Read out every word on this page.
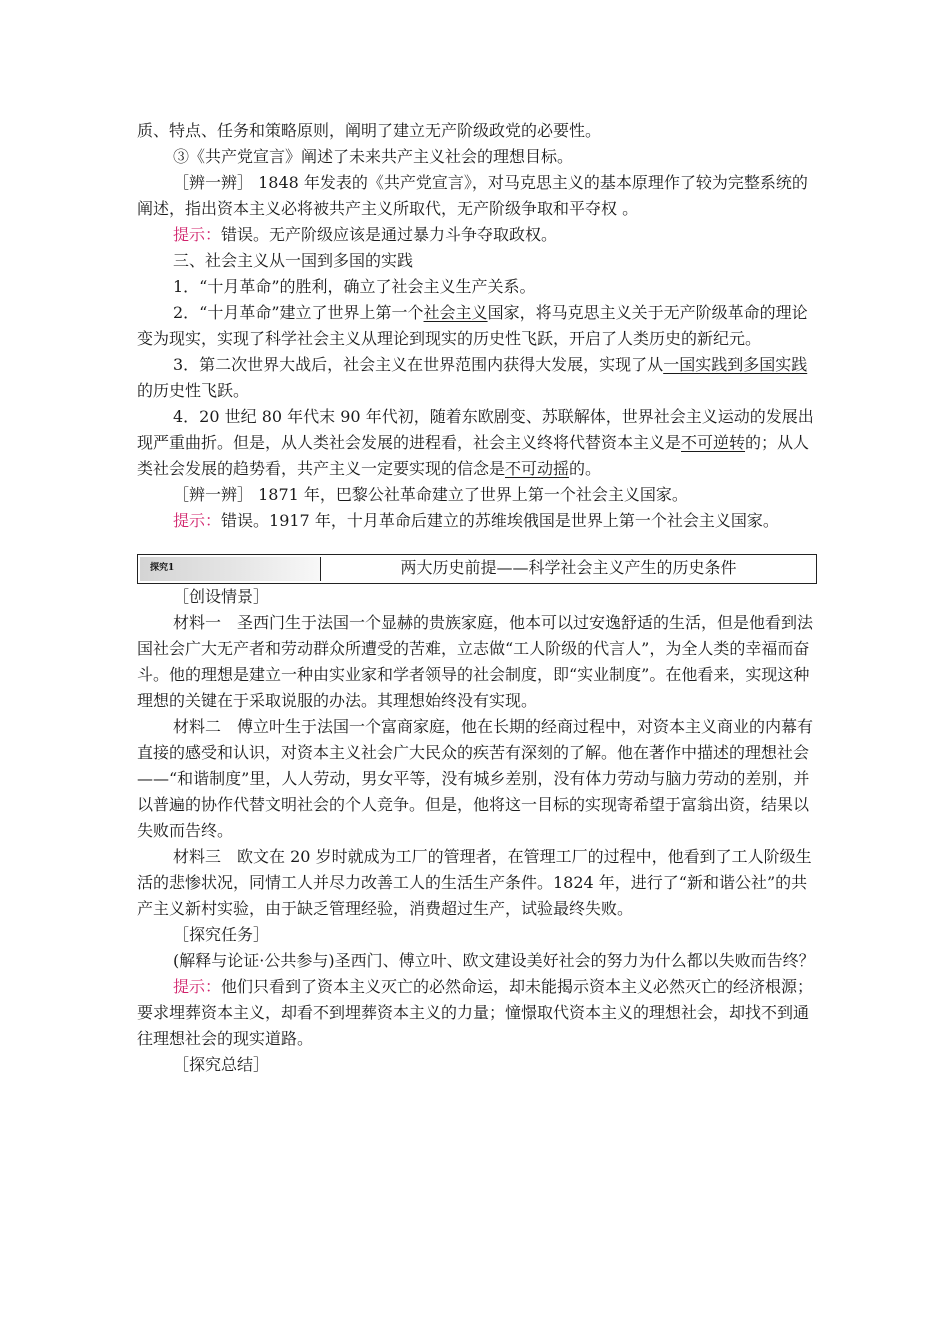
质、特点、任务和策略原则，阐明了建立无产阶级政党的必要性。

③《共产党宣言》阐述了未来共产主义社会的理想目标。

［辨一辨］ 1848 年发表的《共产党宣言》，对马克思主义的基本原理作了较为完整系统的阐述，指出资本主义必将被共产主义所取代，无产阶级争取和平夺权 。

提示：错误。无产阶级应该是通过暴力斗争夺取政权。

三、社会主义从一国到多国的实践

1．“十月革命”的胜利，确立了社会主义生产关系。

2．“十月革命”建立了世界上第一个社会主义国家，将马克思主义关于无产阶级革命的理论变为现实，实现了科学社会主义从理论到现实的历史性飞跃，开启了人类历史的新纪元。

3．第二次世界大战后，社会主义在世界范围内获得大发展，实现了从一国实践到多国实践的历史性飞跃。

4．20 世纪 80 年代末 90 年代初，随着东欧剧变、苏联解体，世界社会主义运动的发展出现严重曲折。但是，从人类社会发展的进程看，社会主义终将代替资本主义是不可逆转的；从人类社会发展的趋势看，共产主义一定要实现的信念是不可动摇的。

［辨一辨］ 1871 年，巴黎公社革命建立了世界上第一个社会主义国家。

提示：错误。1917 年，十月革命后建立的苏维埃俄国是世界上第一个社会主义国家。

探究1	两大历史前提——科学社会主义产生的历史条件

［创设情景］

材料一　 圣西门生于法国一个显赫的贵族家庭，他本可以过安逸舒适的生活，但是他看到法国社会广大无产者和劳动群众所遭受的苦难，立志做“工人阶级的代言人”，为全人类的幸福而奋斗。他的理想是建立一种由实业家和学者领导的社会制度，即“实业制度”。在他看来，实现这种理想的关键在于采取说服的办法。其理想始终没有实现。

材料二　 傅立叶生于法国一个富商家庭，他在长期的经商过程中，对资本主义商业的内幕有直接的感受和认识，对资本主义社会广大民众的疾苦有深刻的了解。他在著作中描述的理想社会——“和谐制度”里，人人劳动，男女平等，没有城乡差别，没有体力劳动与脑力劳动的差别，并以普遍的协作代替文明社会的个人竞争。但是，他将这一目标的实现寄希望于富翁出资，结果以失败而告终。

材料三　 欧文在 20 岁时就成为工厂的管理者，在管理工厂的过程中，他看到了工人阶级生活的悲惨状况，同情工人并尽力改善工人的生活生产条件。1824 年，进行了“新和谐公社”的共产主义新村实验，由于缺乏管理经验，消费超过生产，试验最终失败。

［探究任务］

(解释与论证·公共参与)圣西门、傅立叶、欧文建设美好社会的努力为什么都以失败而告终？

提示：他们只看到了资本主义灭亡的必然命运，却未能揭示资本主义必然灭亡的经济根源；要求埋葬资本主义，却看不到埋葬资本主义的力量；憧憬取代资本主义的理想社会，却找不到通往理想社会的现实道路。

［探究总结］
